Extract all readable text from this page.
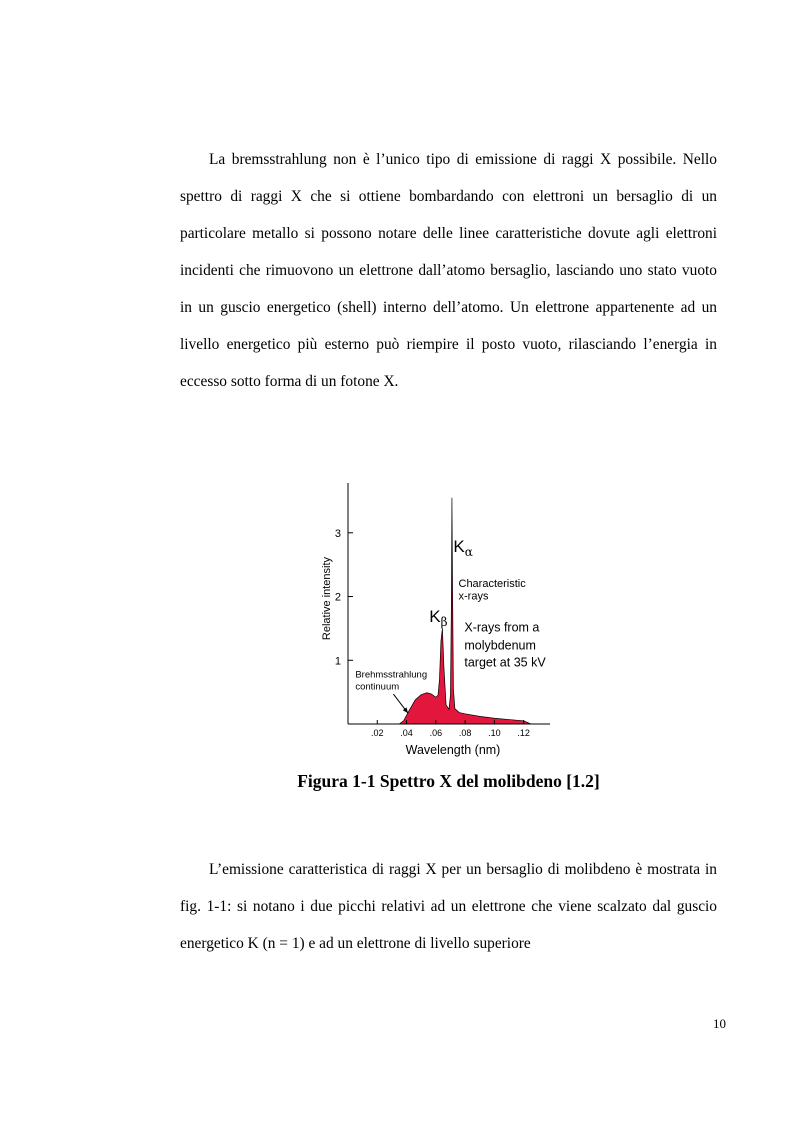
La bremsstrahlung non è l’unico tipo di emissione di raggi X possibile. Nello spettro di raggi X che si ottiene bombardando con elettroni un bersaglio di un particolare metallo si possono notare delle linee caratteristiche dovute agli elettroni incidenti che rimuovono un elettrone dall’atomo bersaglio, lasciando uno stato vuoto in un guscio energetico (shell) interno dell’atomo. Un elettrone appartenente ad un livello energetico più esterno può riempire il posto vuoto, rilasciando l’energia in eccesso sotto forma di un fotone X.

1
2
3
.02 .04 .06 .08 .10 .12
Wavelength (nm)
Relative intensity
$K_\alpha$
$K_\beta$
Characteristic
x-rays
X-rays from a
molybdenum
target at 35 kV
Brehmsstrahlung
continuum
Figura 1-1 Spettro X del molibdeno [1.2]

L’emissione caratteristica di raggi X per un bersaglio di molibdeno è mostrata in fig. 1-1: si notano i due picchi relativi ad un elettrone che viene scalzato dal guscio energetico K (n = 1) e ad un elettrone di livello superiore

10
